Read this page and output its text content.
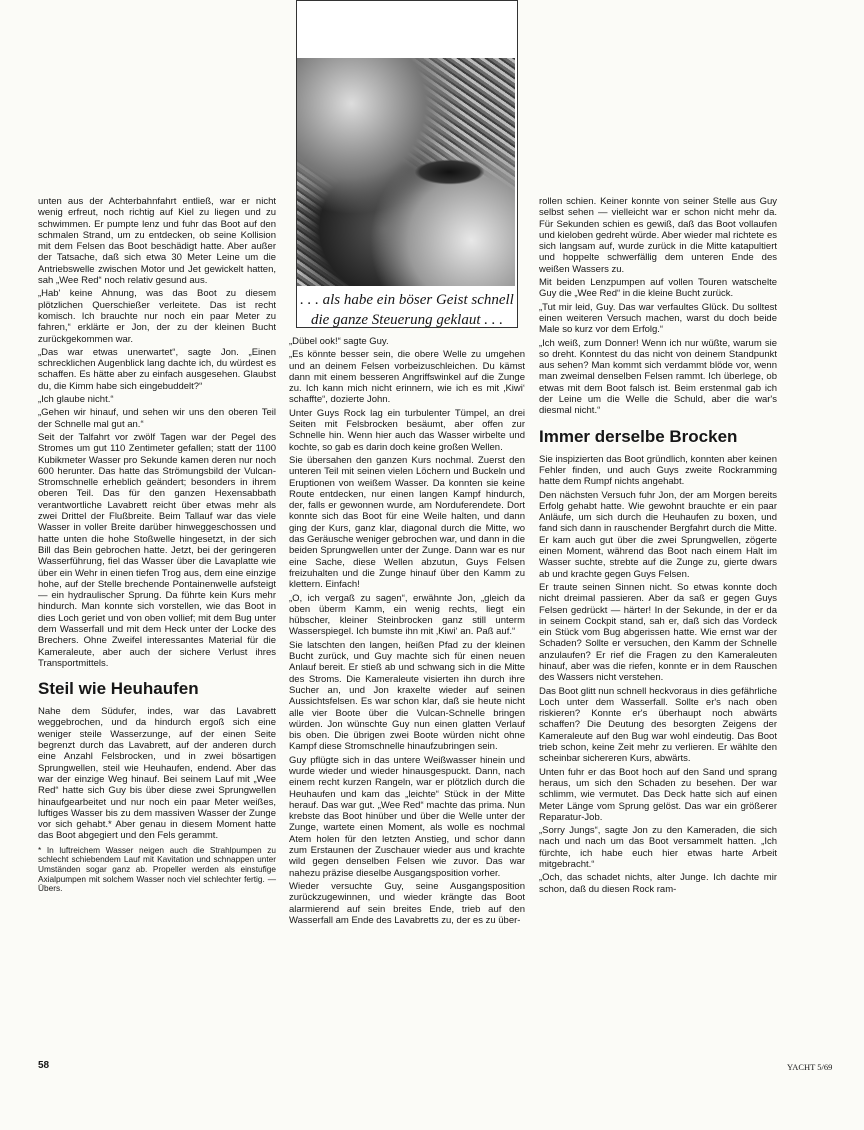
. . . als habe ein böser Geist schnell die ganze Steuerung geklaut . . .

unten aus der Achterbahnfahrt entließ, war er nicht wenig erfreut, noch richtig auf Kiel zu liegen und zu schwimmen. Er pumpte lenz und fuhr das Boot auf den schmalen Strand, um zu entdecken, ob seine Kollision mit dem Felsen das Boot beschädigt hatte. Aber außer der Tatsache, daß sich etwa 30 Meter Leine um die Antriebswelle zwischen Motor und Jet gewickelt hatten, sah „Wee Red“ noch relativ gesund aus.

„Hab' keine Ahnung, was das Boot zu diesem plötzlichen Querschießer verleitete. Das ist recht komisch. Ich brauchte nur noch ein paar Meter zu fahren,“ erklärte er Jon, der zu der kleinen Bucht zurückgekommen war.

„Das war etwas unerwartet“, sagte Jon. „Einen schrecklichen Augenblick lang dachte ich, du würdest es schaffen. Es hätte aber zu einfach ausgesehen. Glaubst du, die Kimm habe sich eingebuddelt?“

„Ich glaube nicht.“

„Gehen wir hinauf, und sehen wir uns den oberen Teil der Schnelle mal gut an.“

Seit der Talfahrt vor zwölf Tagen war der Pegel des Stromes um gut 110 Zentimeter gefallen; statt der 1100 Kubikmeter Wasser pro Sekunde kamen deren nur noch 600 herunter. Das hatte das Strömungsbild der Vulcan-Stromschnelle erheblich geändert; besonders in ihrem oberen Teil. Das für den ganzen Hexensabbath verantwortliche Lavabrett reicht über etwas mehr als zwei Drittel der Flußbreite. Beim Tallauf war das viele Wasser in voller Breite darüber hinweggeschossen und hatte unten die hohe Stoßwelle hingesetzt, in der sich Bill das Bein gebrochen hatte. Jetzt, bei der geringeren Wasserführung, fiel das Wasser über die Lavaplatte wie über ein Wehr in einen tiefen Trog aus, dem eine einzige hohe, auf der Stelle brechende Pontainenwelle aufsteigt — ein hydraulischer Sprung. Da führte kein Kurs mehr hindurch. Man konnte sich vorstellen, wie das Boot in dies Loch geriet und von oben vollief; mit dem Bug unter dem Wasserfall und mit dem Heck unter der Locke des Brechers. Ohne Zweifel interessantes Material für die Kameraleute, aber auch der sichere Verlust ihres Transportmittels.

Steil wie Heuhaufen

Nahe dem Südufer, indes, war das Lavabrett weggebrochen, und da hindurch ergoß sich eine weniger steile Wasserzunge, auf der einen Seite begrenzt durch das Lavabrett, auf der anderen durch eine Anzahl Felsbrocken, und in zwei bösartigen Sprungwellen, steil wie Heuhaufen, endend. Aber das war der einzige Weg hinauf. Bei seinem Lauf mit „Wee Red“ hatte sich Guy bis über diese zwei Sprungwellen hinaufgearbeitet und nur noch ein paar Meter weißes, luftiges Wasser bis zu dem massiven Wasser der Zunge vor sich gehabt.* Aber genau in diesem Moment hatte das Boot abgegiert und den Fels gerammt.

* In luftreichem Wasser neigen auch die Strahlpumpen zu schlecht schiebendem Lauf mit Kavitation und schnappen unter Umständen sogar ganz ab. Propeller werden als einstufige Axialpumpen mit solchem Wasser noch viel schlechter fertig. — Übers.

„Dübel ook!“ sagte Guy.

„Es könnte besser sein, die obere Welle zu umgehen und an deinem Felsen vorbeizuschleichen. Du kämst dann mit einem besseren Angriffswinkel auf die Zunge zu. Ich kann mich nicht erinnern, wie ich es mit ‚Kiwi‘ schaffte“, dozierte John.

Unter Guys Rock lag ein turbulenter Tümpel, an drei Seiten mit Felsbrocken besäumt, aber offen zur Schnelle hin. Wenn hier auch das Wasser wirbelte und kochte, so gab es darin doch keine großen Wellen.

Sie übersahen den ganzen Kurs nochmal. Zuerst den unteren Teil mit seinen vielen Löchern und Buckeln und Eruptionen von weißem Wasser. Da konnten sie keine Route entdecken, nur einen langen Kampf hindurch, der, falls er gewonnen wurde, am Norduferendete. Dort konnte sich das Boot für eine Weile halten, und dann ging der Kurs, ganz klar, diagonal durch die Mitte, wo das Geräusche weniger gebrochen war, und dann in die beiden Sprungwellen unter der Zunge. Dann war es nur eine Sache, diese Wellen abzutun, Guys Felsen freizuhalten und die Zunge hinauf über den Kamm zu klettern. Einfach!

„O, ich vergaß zu sagen“, erwähnte Jon, „gleich da oben überm Kamm, ein wenig rechts, liegt ein hübscher, kleiner Steinbrocken ganz still unterm Wasserspiegel. Ich bumste ihn mit ‚Kiwi‘ an. Paß auf.“

Sie latschten den langen, heißen Pfad zu der kleinen Bucht zurück, und Guy machte sich für einen neuen Anlauf bereit. Er stieß ab und schwang sich in die Mitte des Stroms. Die Kameraleute visierten ihn durch ihre Sucher an, und Jon kraxelte wieder auf seinen Aussichtsfelsen. Es war schon klar, daß sie heute nicht alle vier Boote über die Vulcan-Schnelle bringen würden. Jon wünschte Guy nun einen glatten Verlauf bis oben. Die übrigen zwei Boote würden nicht ohne Kampf diese Stromschnelle hinaufzubringen sein.

Guy pflügte sich in das untere Weißwasser hinein und wurde wieder und wieder hinausgespuckt. Dann, nach einem recht kurzen Rangeln, war er plötzlich durch die Heuhaufen und kam das „leichte“ Stück in der Mitte herauf. Das war gut. „Wee Red“ machte das prima. Nun krebste das Boot hinüber und über die Welle unter der Zunge, wartete einen Moment, als wolle es nochmal Atem holen für den letzten Anstieg, und schor dann zum Erstaunen der Zuschauer wieder aus und krachte wild gegen denselben Felsen wie zuvor. Das war nahezu präzise dieselbe Ausgangsposition vorher.

Wieder versuchte Guy, seine Ausgangsposition zurückzugewinnen, und wieder krängte das Boot alarmierend auf sein breites Ende, trieb auf den Wasserfall am Ende des Lavabretts zu, der es zu über-

rollen schien. Keiner konnte von seiner Stelle aus Guy selbst sehen — vielleicht war er schon nicht mehr da. Für Sekunden schien es gewiß, daß das Boot vollaufen und kieloben gedreht würde. Aber wieder mal richtete es sich langsam auf, wurde zurück in die Mitte katapultiert und hoppelte schwerfällig dem unteren Ende des weißen Wassers zu.

Mit beiden Lenzpumpen auf vollen Touren watschelte Guy die „Wee Red“ in die kleine Bucht zurück.

„Tut mir leid, Guy. Das war verfaultes Glück. Du solltest einen weiteren Versuch machen, warst du doch beide Male so kurz vor dem Erfolg.“

„Ich weiß, zum Donner! Wenn ich nur wüßte, warum sie so dreht. Konntest du das nicht von deinem Standpunkt aus sehen? Man kommt sich verdammt blöde vor, wenn man zweimal denselben Felsen rammt. Ich überlege, ob etwas mit dem Boot falsch ist. Beim erstenmal gab ich der Leine um die Welle die Schuld, aber die war's diesmal nicht.“

Immer derselbe Brocken

Sie inspizierten das Boot gründlich, konnten aber keinen Fehler finden, und auch Guys zweite Rockramming hatte dem Rumpf nichts angehabt.

Den nächsten Versuch fuhr Jon, der am Morgen bereits Erfolg gehabt hatte. Wie gewohnt brauchte er ein paar Anläufe, um sich durch die Heuhaufen zu boxen, und fand sich dann in rauschender Bergfahrt durch die Mitte. Er kam auch gut über die zwei Sprungwellen, zögerte einen Moment, während das Boot nach einem Halt im Wasser suchte, strebte auf die Zunge zu, gierte dwars ab und krachte gegen Guys Felsen.

Er traute seinen Sinnen nicht. So etwas konnte doch nicht dreimal passieren. Aber da saß er gegen Guys Felsen gedrückt — härter! In der Sekunde, in der er da in seinem Cockpit stand, sah er, daß sich das Vordeck ein Stück vom Bug abgerissen hatte. Wie ernst war der Schaden? Sollte er versuchen, den Kamm der Schnelle anzulaufen? Er rief die Fragen zu den Kameraleuten hinauf, aber was die riefen, konnte er in dem Rauschen des Wassers nicht verstehen.

Das Boot glitt nun schnell heckvoraus in dies gefährliche Loch unter dem Wasserfall. Sollte er's nach oben riskieren? Konnte er's überhaupt noch abwärts schaffen? Die Deutung des besorgten Zeigens der Kameraleute auf den Bug war wohl eindeutig. Das Boot trieb schon, keine Zeit mehr zu verlieren. Er wählte den scheinbar sichereren Kurs, abwärts.

Unten fuhr er das Boot hoch auf den Sand und sprang heraus, um sich den Schaden zu besehen. Der war schlimm, wie vermutet. Das Deck hatte sich auf einen Meter Länge vom Sprung gelöst. Das war ein größerer Reparatur-Job.

„Sorry Jungs“, sagte Jon zu den Kameraden, die sich nach und nach um das Boot versammelt hatten. „Ich fürchte, ich habe euch hier etwas harte Arbeit mitgebracht.“

„Och, das schadet nichts, alter Junge. Ich dachte mir schon, daß du diesen Rock ram-

58	YACHT 5/69
